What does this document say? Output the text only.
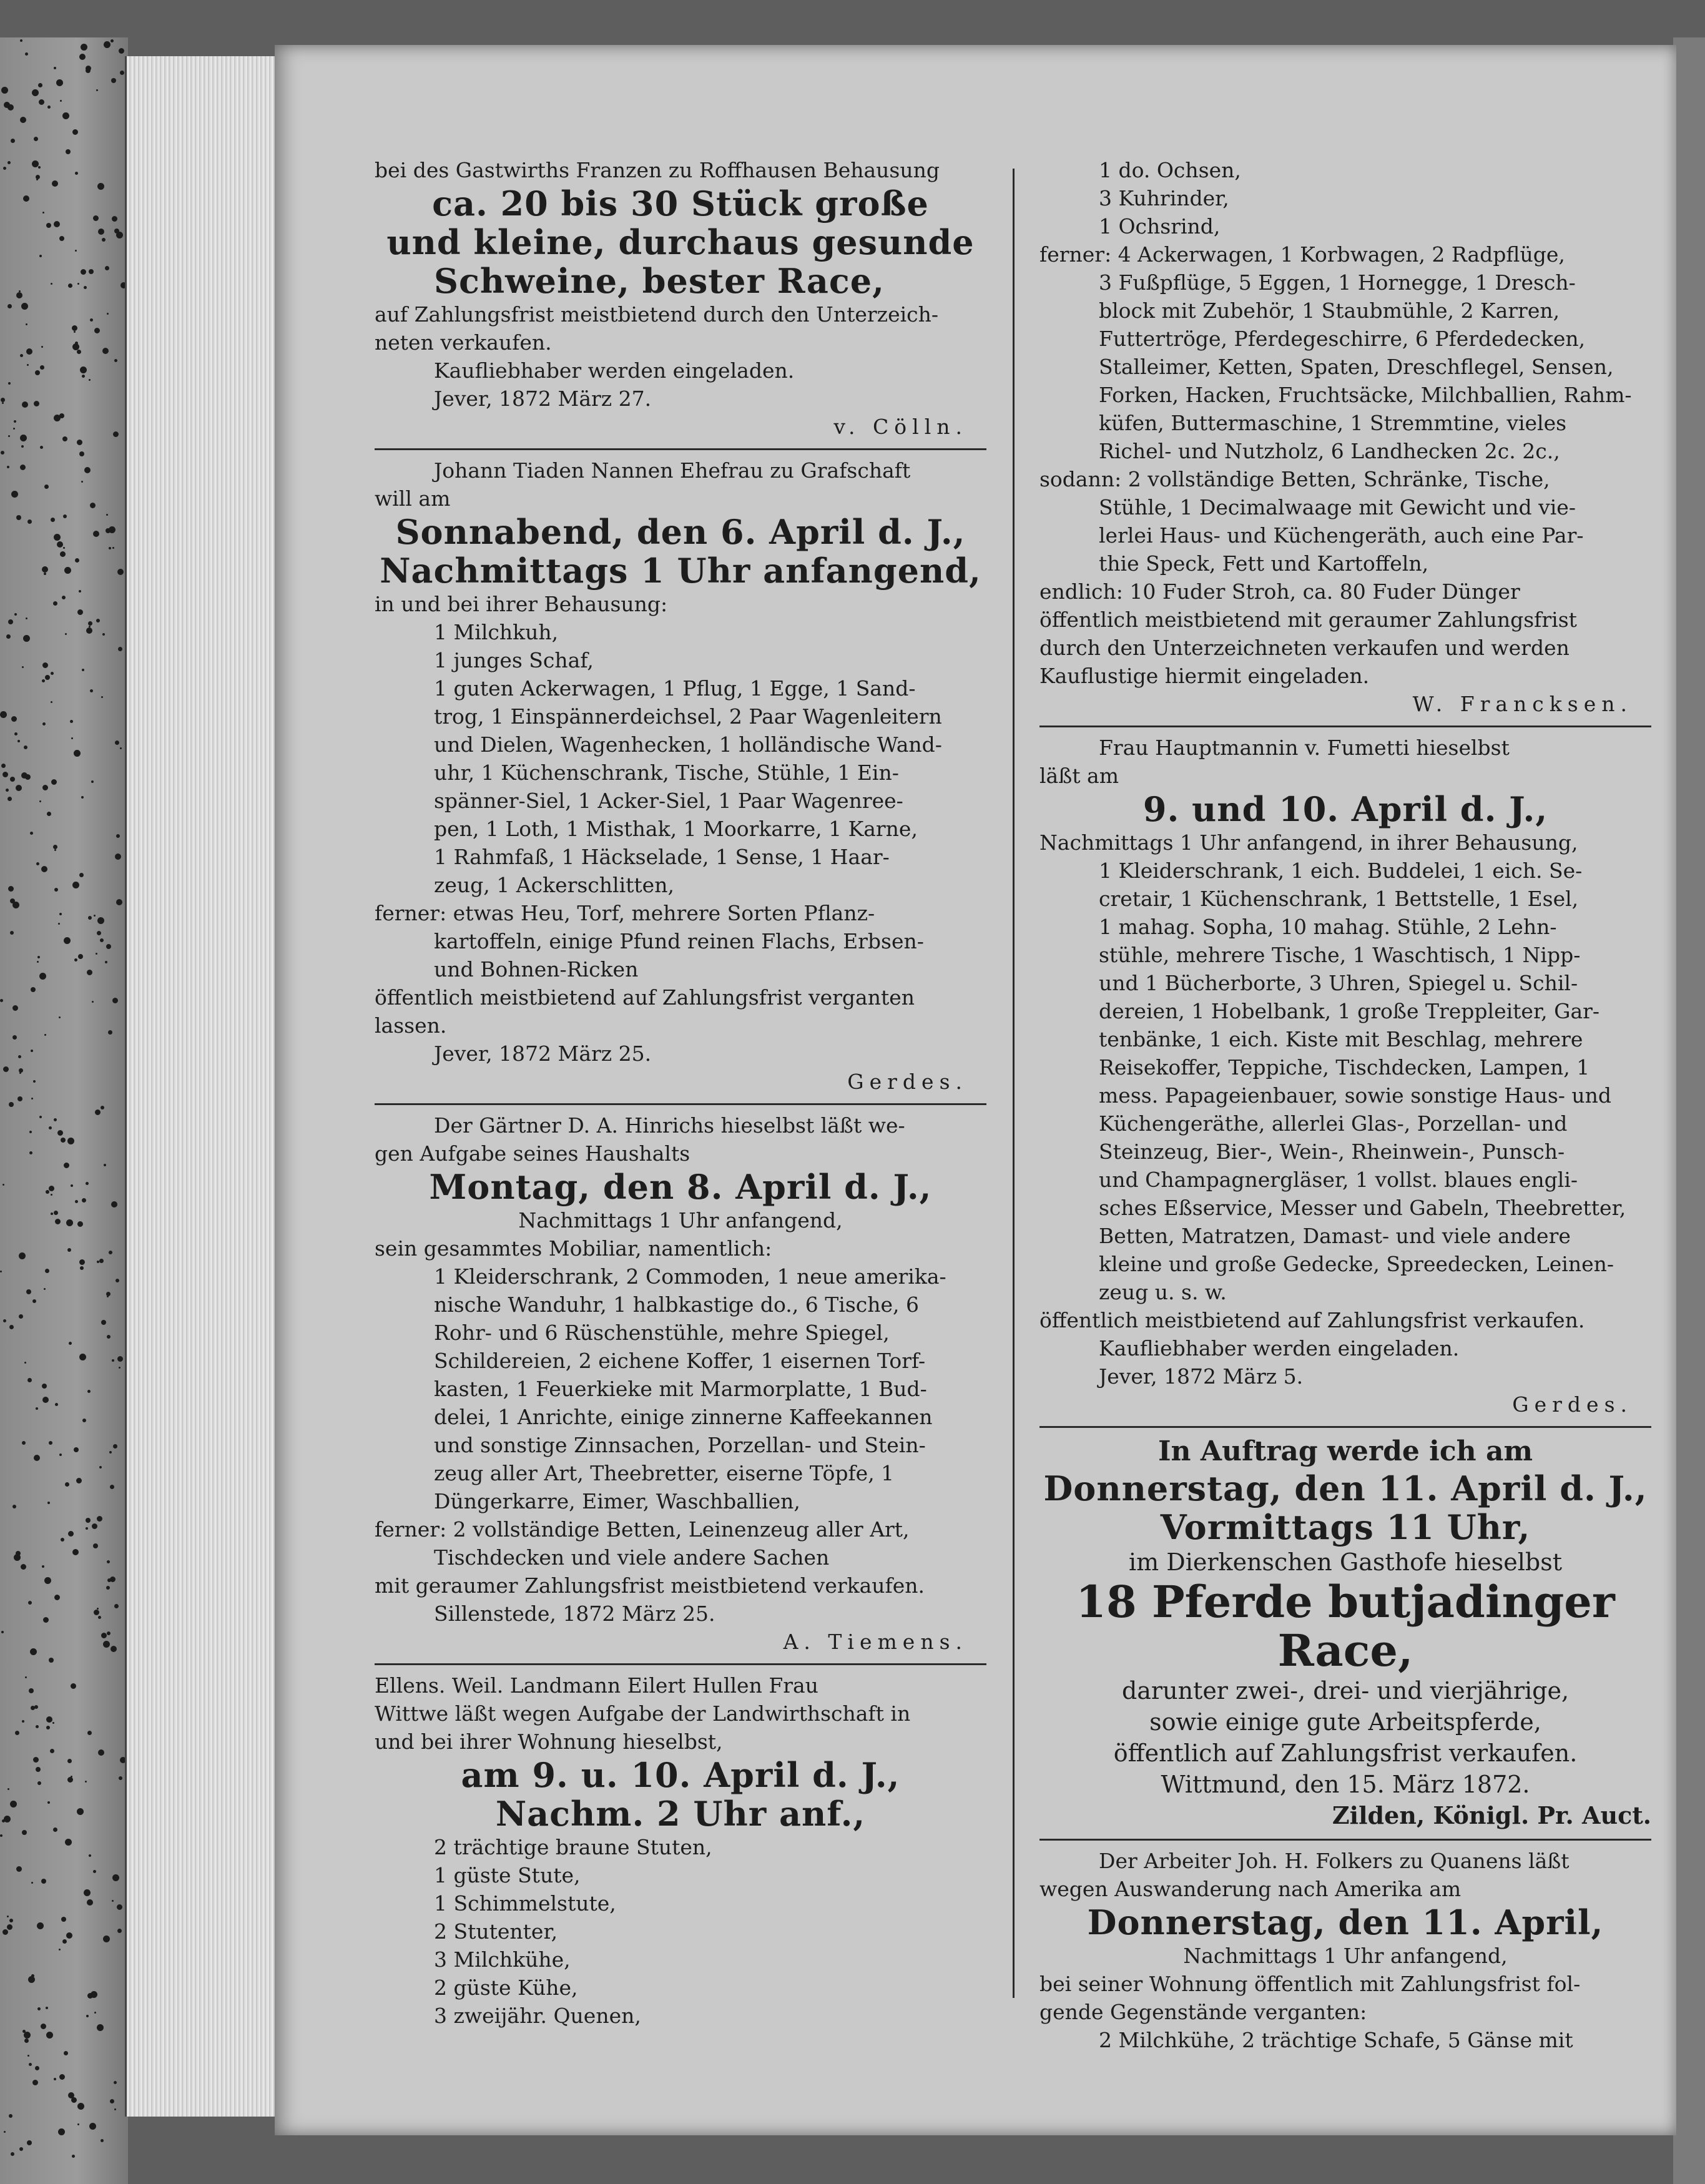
bei des Gastwirths Franzen zu Roffhausen Behausung
ca. 20 bis 30 Stück große
und kleine, durchaus gesunde
Schweine, bester Race,
auf Zahlungsfrist meistbietend durch den Unterzeich-
neten verkaufen.
Kaufliebhaber werden eingeladen.
Jever, 1872 März 27.
v. Cölln.
Johann Tiaden Nannen Ehefrau zu Grafschaft
will am
Sonnabend, den 6. April d. J.,
Nachmittags 1 Uhr anfangend,
in und bei ihrer Behausung:
1 Milchkuh,
1 junges Schaf,
1 guten Ackerwagen, 1 Pflug, 1 Egge, 1 Sand-
trog, 1 Einspännerdeichsel, 2 Paar Wagenleitern
und Dielen, Wagenhecken, 1 holländische Wand-
uhr, 1 Küchenschrank, Tische, Stühle, 1 Ein-
spänner-Siel, 1 Acker-Siel, 1 Paar Wagenree-
pen, 1 Loth, 1 Misthak, 1 Moorkarre, 1 Karne,
1 Rahmfaß, 1 Häckselade, 1 Sense, 1 Haar-
zeug, 1 Ackerschlitten,
ferner: etwas Heu, Torf, mehrere Sorten Pflanz-
kartoffeln, einige Pfund reinen Flachs, Erbsen-
und Bohnen-Ricken
öffentlich meistbietend auf Zahlungsfrist verganten
lassen.
Jever, 1872 März 25.
Gerdes.
Der Gärtner D. A. Hinrichs hieselbst läßt we-
gen Aufgabe seines Haushalts
Montag, den 8. April d. J.,
Nachmittags 1 Uhr anfangend,
sein gesammtes Mobiliar, namentlich:
1 Kleiderschrank, 2 Commoden, 1 neue amerika-
nische Wanduhr, 1 halbkastige do., 6 Tische, 6
Rohr- und 6 Rüschenstühle, mehre Spiegel,
Schildereien, 2 eichene Koffer, 1 eisernen Torf-
kasten, 1 Feuerkieke mit Marmorplatte, 1 Bud-
delei, 1 Anrichte, einige zinnerne Kaffeekannen
und sonstige Zinnsachen, Porzellan- und Stein-
zeug aller Art, Theebretter, eiserne Töpfe, 1
Düngerkarre, Eimer, Waschballien,
ferner: 2 vollständige Betten, Leinenzeug aller Art,
Tischdecken und viele andere Sachen
mit geraumer Zahlungsfrist meistbietend verkaufen.
Sillenstede, 1872 März 25.
A. Tiemens.
Ellens. Weil. Landmann Eilert Hullen Frau
Wittwe läßt wegen Aufgabe der Landwirthschaft in
und bei ihrer Wohnung hieselbst,
am 9. u. 10. April d. J.,
Nachm. 2 Uhr anf.,
2 trächtige braune Stuten,
1 güste Stute,
1 Schimmelstute,
2 Stutenter,
3 Milchkühe,
2 güste Kühe,
3 zweijähr. Quenen,
1 do. Ochsen,
3 Kuhrinder,
1 Ochsrind,
ferner: 4 Ackerwagen, 1 Korbwagen, 2 Radpflüge,
3 Fußpflüge, 5 Eggen, 1 Hornegge, 1 Dresch-
block mit Zubehör, 1 Staubmühle, 2 Karren,
Futtertröge, Pferdegeschirre, 6 Pferdedecken,
Stalleimer, Ketten, Spaten, Dreschflegel, Sensen,
Forken, Hacken, Fruchtsäcke, Milchballien, Rahm-
küfen, Buttermaschine, 1 Stremmtine, vieles
Richel- und Nutzholz, 6 Landhecken 2c. 2c.,
sodann: 2 vollständige Betten, Schränke, Tische,
Stühle, 1 Decimalwaage mit Gewicht und vie-
lerlei Haus- und Küchengeräth, auch eine Par-
thie Speck, Fett und Kartoffeln,
endlich: 10 Fuder Stroh, ca. 80 Fuder Dünger
öffentlich meistbietend mit geraumer Zahlungsfrist
durch den Unterzeichneten verkaufen und werden
Kauflustige hiermit eingeladen.
W. Francksen.
Frau Hauptmannin v. Fumetti hieselbst
läßt am
9. und 10. April d. J.,
Nachmittags 1 Uhr anfangend, in ihrer Behausung,
1 Kleiderschrank, 1 eich. Buddelei, 1 eich. Se-
cretair, 1 Küchenschrank, 1 Bettstelle, 1 Esel,
1 mahag. Sopha, 10 mahag. Stühle, 2 Lehn-
stühle, mehrere Tische, 1 Waschtisch, 1 Nipp-
und 1 Bücherborte, 3 Uhren, Spiegel u. Schil-
dereien, 1 Hobelbank, 1 große Treppleiter, Gar-
tenbänke, 1 eich. Kiste mit Beschlag, mehrere
Reisekoffer, Teppiche, Tischdecken, Lampen, 1
mess. Papageienbauer, sowie sonstige Haus- und
Küchengeräthe, allerlei Glas-, Porzellan- und
Steinzeug, Bier-, Wein-, Rheinwein-, Punsch-
und Champagnergläser, 1 vollst. blaues engli-
sches Eßservice, Messer und Gabeln, Theebretter,
Betten, Matratzen, Damast- und viele andere
kleine und große Gedecke, Spreedecken, Leinen-
zeug u. s. w.
öffentlich meistbietend auf Zahlungsfrist verkaufen.
Kaufliebhaber werden eingeladen.
Jever, 1872 März 5.
Gerdes.
In Auftrag werde ich am
Donnerstag, den 11. April d. J.,
Vormittags 11 Uhr,
im Dierkenschen Gasthofe hieselbst
18 Pferde butjadinger Race,
darunter zwei-, drei- und vierjährige,
sowie einige gute Arbeitspferde,
öffentlich auf Zahlungsfrist verkaufen.
Wittmund, den 15. März 1872.
Zilden, Königl. Pr. Auct.
Der Arbeiter Joh. H. Folkers zu Quanens läßt
wegen Auswanderung nach Amerika am
Donnerstag, den 11. April,
Nachmittags 1 Uhr anfangend,
bei seiner Wohnung öffentlich mit Zahlungsfrist fol-
gende Gegenstände verganten:
2 Milchkühe, 2 trächtige Schafe, 5 Gänse mit
